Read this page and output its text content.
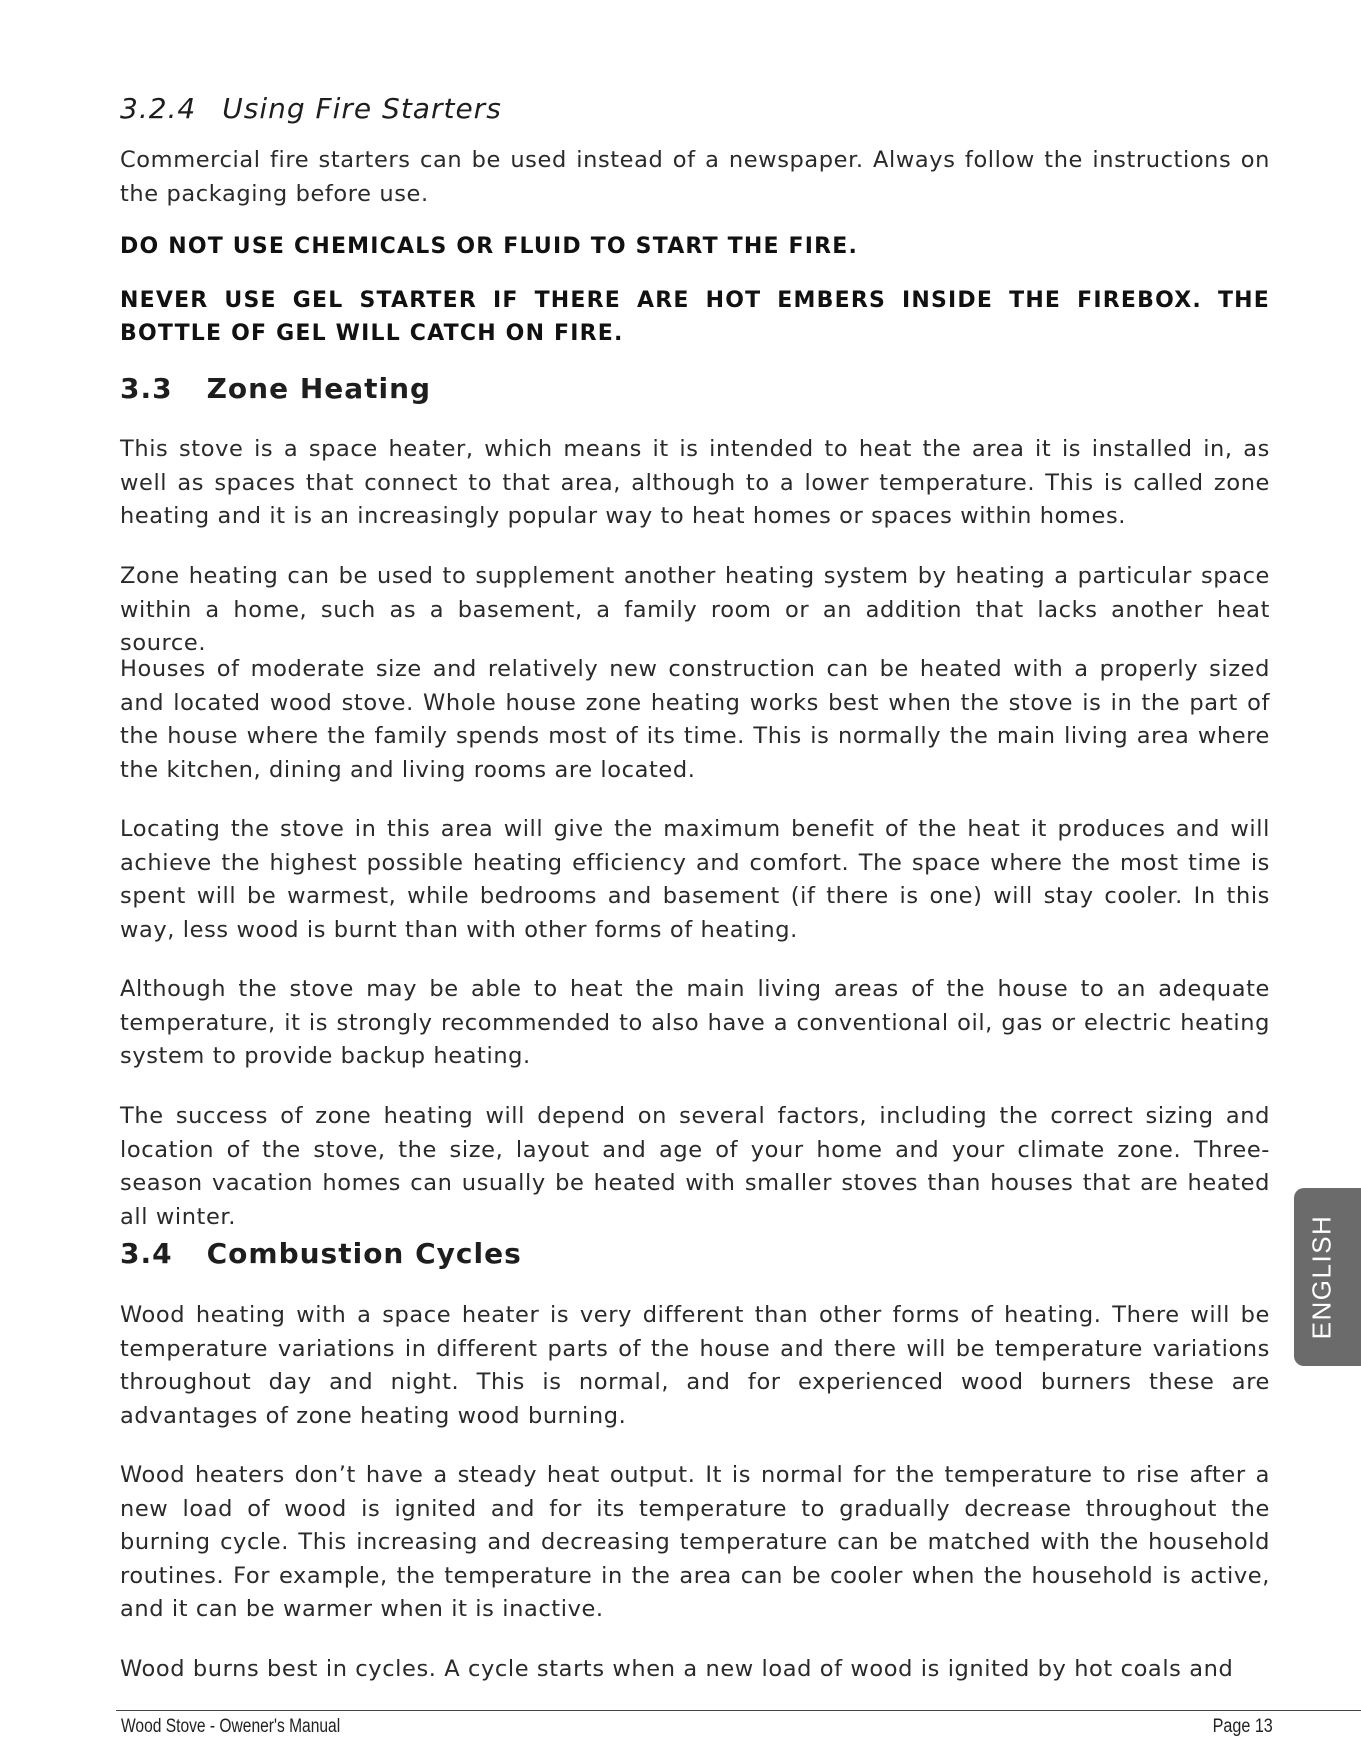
3.2.4 Using Fire Starters

Commercial fire starters can be used instead of a newspaper. Always follow the instructions on the packaging before use.

DO NOT USE CHEMICALS OR FLUID TO START THE FIRE.

NEVER USE GEL STARTER IF THERE ARE HOT EMBERS INSIDE THE FIREBOX. THE BOTTLE OF GEL WILL CATCH ON FIRE.

3.3 Zone Heating

This stove is a space heater, which means it is intended to heat the area it is installed in, as well as spaces that connect to that area, although to a lower temperature. This is called zone heating and it is an increasingly popular way to heat homes or spaces within homes.

Zone heating can be used to supplement another heating system by heating a particular space within a home, such as a basement, a family room or an addition that lacks another heat source.

Houses of moderate size and relatively new construction can be heated with a properly sized and located wood stove. Whole house zone heating works best when the stove is in the part of the house where the family spends most of its time. This is normally the main living area where the kitchen, dining and living rooms are located.

Locating the stove in this area will give the maximum benefit of the heat it produces and will achieve the highest possible heating efficiency and comfort. The space where the most time is spent will be warmest, while bedrooms and basement (if there is one) will stay cooler. In this way, less wood is burnt than with other forms of heating.

Although the stove may be able to heat the main living areas of the house to an adequate temperature, it is strongly recommended to also have a conventional oil, gas or electric heating system to provide backup heating.

The success of zone heating will depend on several factors, including the correct sizing and location of the stove, the size, layout and age of your home and your climate zone. Three-season vacation homes can usually be heated with smaller stoves than houses that are heated all winter.

3.4 Combustion Cycles

Wood heating with a space heater is very different than other forms of heating. There will be temperature variations in different parts of the house and there will be temperature variations throughout day and night. This is normal, and for experienced wood burners these are advantages of zone heating wood burning.

Wood heaters don’t have a steady heat output. It is normal for the temperature to rise after a new load of wood is ignited and for its temperature to gradually decrease throughout the burning cycle. This increasing and decreasing temperature can be matched with the household routines. For example, the temperature in the area can be cooler when the household is active, and it can be warmer when it is inactive.

Wood burns best in cycles. A cycle starts when a new load of wood is ignited by hot coals and

ENGLISH
Wood Stove - Owener's Manual	Page 13
